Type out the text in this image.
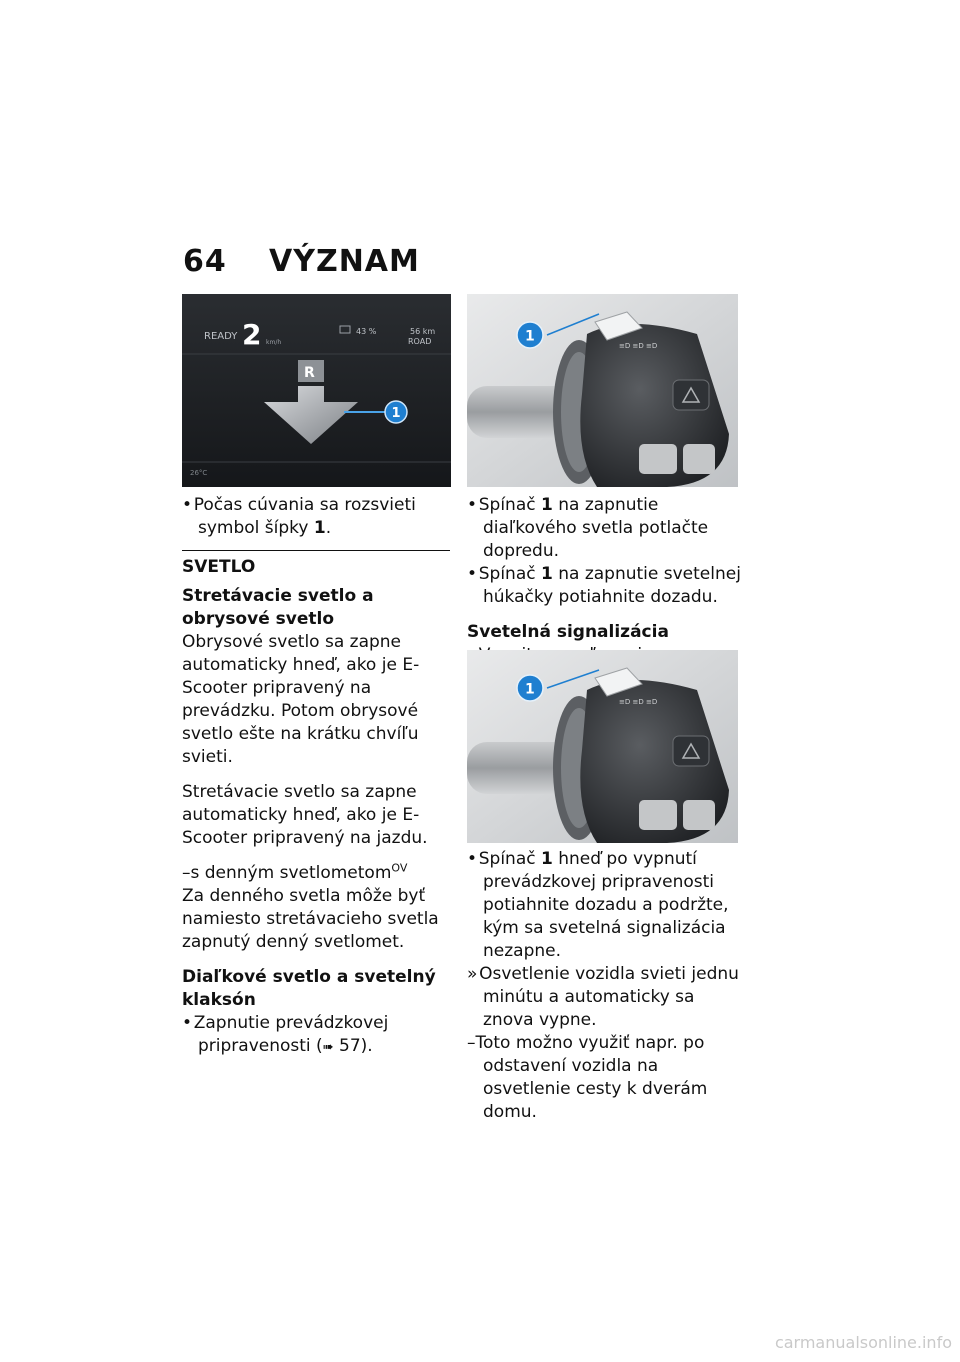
64 VÝZNAM
READY 2 km/h
43 %	56 km
ROAD
R
1
26°C

• Počas cúvania sa rozsvieti symbol šípky 1.

SVETLO

Stretávacie svetlo a obrysové svetlo

Obrysové svetlo sa zapne automaticky hneď, ako je E-Scooter pripravený na prevádzku. Potom obrysové svetlo ešte na krátku chvíľu svieti.

Stretávacie svetlo sa zapne automaticky hneď, ako je E-Scooter pripravený na jazdu.

–s denným svetlometom$^{OV}$

Za denného svetla môže byť namiesto stretávacieho svetla zapnutý denný svetlomet.

Diaľkové svetlo a svetelný klaksón

• Zapnutie prevádzkovej pripravenosti (➠ 57).

≡D ≡D ≡D
1

• Spínač 1 na zapnutie diaľkového svetla potlačte dopredu.

• Spínač 1 na zapnutie svetelnej húkačky potiahnite dozadu.

Svetelná signalizácia

≡D ≡D ≡D
1

• Spínač 1 hneď po vypnutí prevádzkovej pripravenosti potiahnite dozadu a podržte, kým sa svetelná signalizácia nezapne.

» Osvetlenie vozidla svieti jednu minútu a automaticky sa znova vypne.

–Toto možno využiť napr. po odstavení vozidla na osvetlenie cesty k dverám domu.

carmanualsonline.info
